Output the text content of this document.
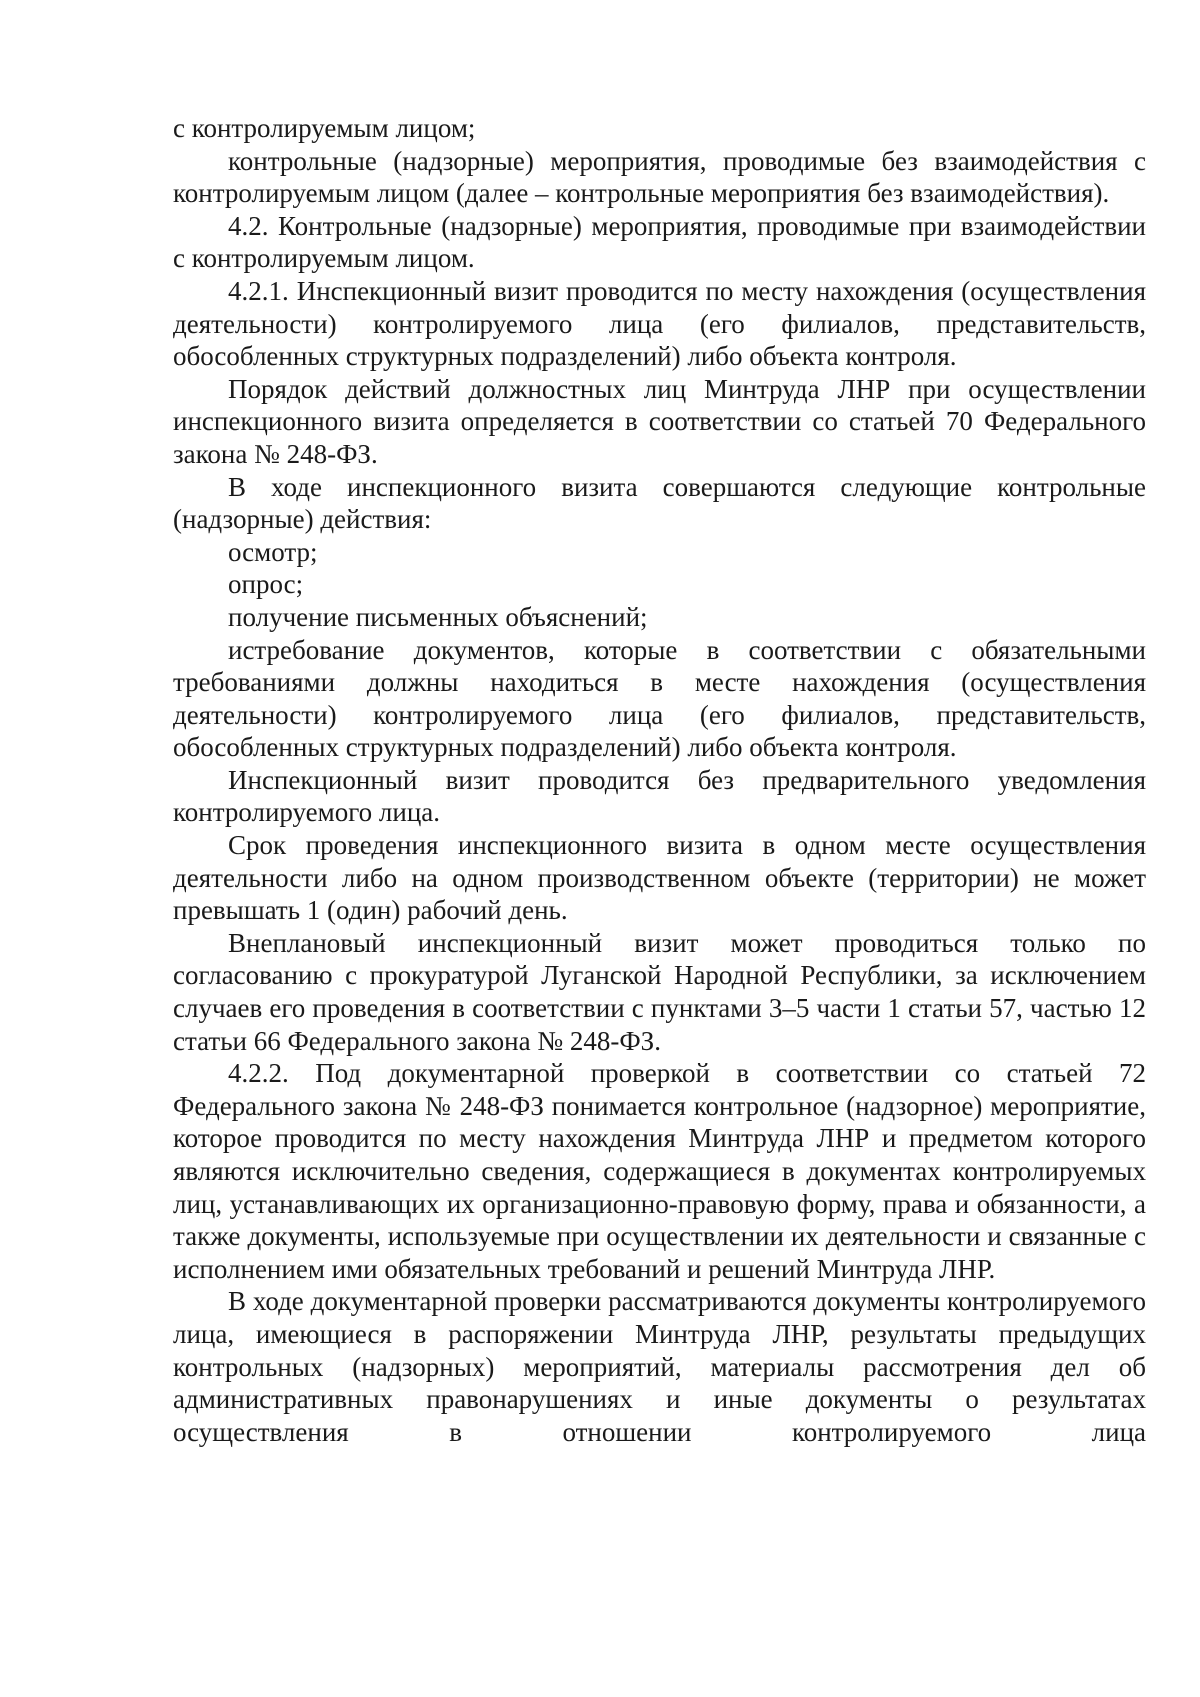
с контролируемым лицом;

контрольные (надзорные) мероприятия, проводимые без взаимодействия с контролируемым лицом (далее – контрольные мероприятия без взаимодействия).

4.2. Контрольные (надзорные) мероприятия, проводимые при взаимодействии с контролируемым лицом.

4.2.1. Инспекционный визит проводится по месту нахождения (осуществления деятельности) контролируемого лица (его филиалов, представительств, обособленных структурных подразделений) либо объекта контроля.

Порядок действий должностных лиц Минтруда ЛНР при осуществлении инспекционного визита определяется в соответствии со статьей 70 Федерального закона № 248-ФЗ.

В ходе инспекционного визита совершаются следующие контрольные (надзорные) действия:

осмотр;

опрос;

получение письменных объяснений;

истребование документов, которые в соответствии с обязательными требованиями должны находиться в месте нахождения (осуществления деятельности) контролируемого лица (его филиалов, представительств, обособленных структурных подразделений) либо объекта контроля.

Инспекционный визит проводится без предварительного уведомления контролируемого лица.

Срок проведения инспекционного визита в одном месте осуществления деятельности либо на одном производственном объекте (территории) не может превышать 1 (один) рабочий день.

Внеплановый инспекционный визит может проводиться только по согласованию с прокуратурой Луганской Народной Республики, за исключением случаев его проведения в соответствии с пунктами 3–5 части 1 статьи 57, частью 12 статьи 66 Федерального закона № 248-ФЗ.

4.2.2. Под документарной проверкой в соответствии со статьей 72 Федерального закона № 248-ФЗ понимается контрольное (надзорное) мероприятие, которое проводится по месту нахождения Минтруда ЛНР и предметом которого являются исключительно сведения, содержащиеся в документах контролируемых лиц, устанавливающих их организационно-правовую форму, права и обязанности, а также документы, используемые при осуществлении их деятельности и связанные с исполнением ими обязательных требований и решений Минтруда ЛНР.

В ходе документарной проверки рассматриваются документы контролируемого лица, имеющиеся в распоряжении Минтруда ЛНР, результаты предыдущих контрольных (надзорных) мероприятий, материалы рассмотрения дел об административных правонарушениях и иные документы о результатах осуществления в отношении контролируемого лица
